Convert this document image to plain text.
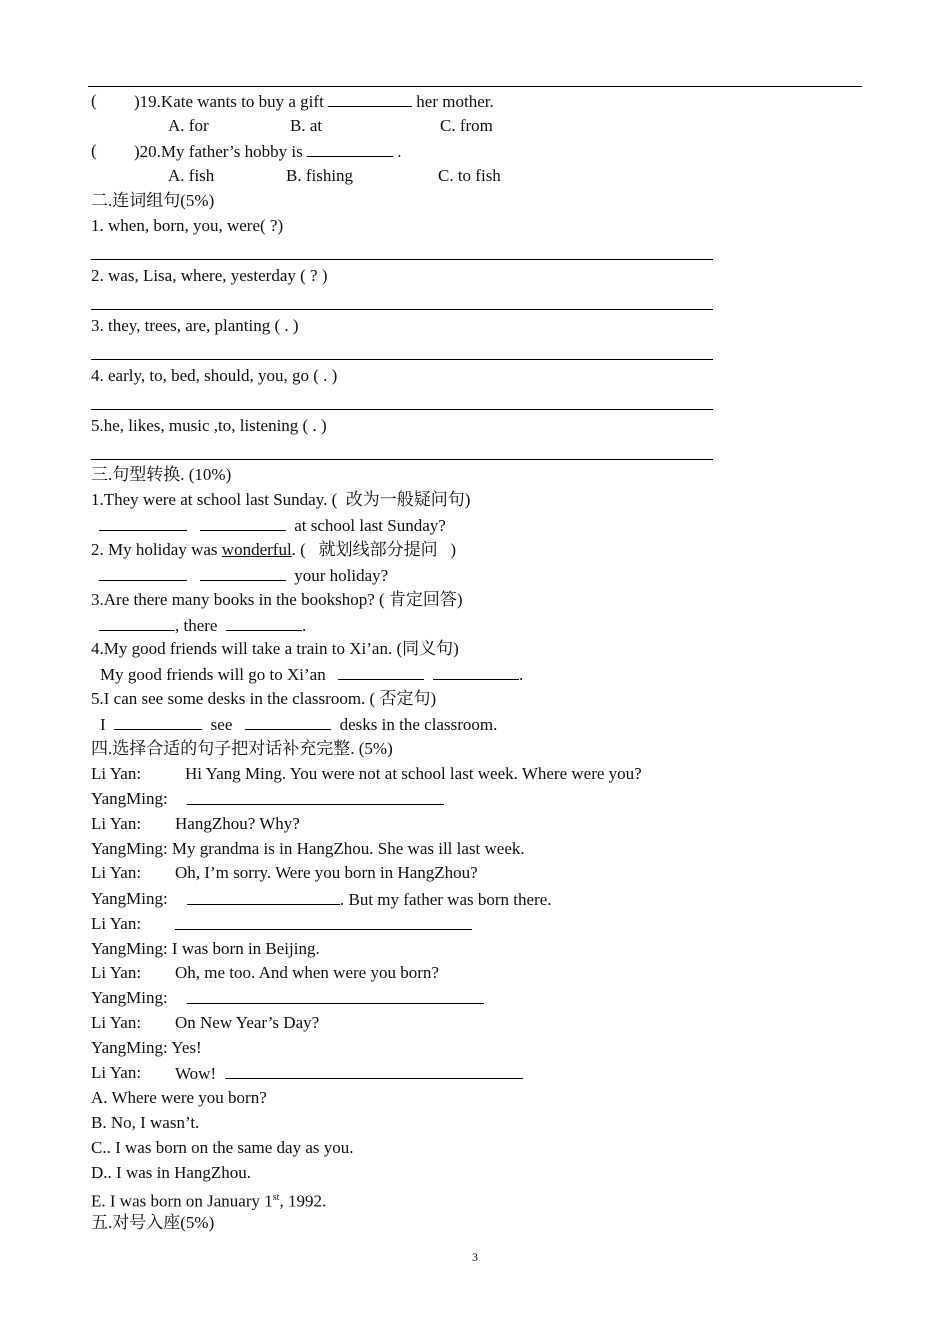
( )19.Kate wants to buy a gift	her mother.
A. for	B. at	C. from
( )20.My father’s hobby is	.
A. fish	B. fishing	C. to fish
二.连词组句(5%)
1. when, born, you, were( ?)
2. was, Lisa, where, yesterday ( ? )
3. they, trees, are, planting ( . )
4. early, to, bed, should, you, go ( . )
5.he, likes, music ,to, listening ( . )
三.句型转换. (10%)
1.They were at school last Sunday. (  改为一般疑问句)
at school last Sunday?
2. My holiday was wonderful. (   就划线部分提问   )
your holiday?
3.Are there many books in the bookshop? ( 肯定回答)
, there	.
4.My good friends will take a train to Xi’an. (同义句)
My good friends will go to Xi’an	.
5.I can see some desks in the classroom. ( 否定句)
I	see	desks in the classroom.
四.选择合适的句子把对话补充完整. (5%)
Li Yan:	Hi Yang Ming. You were not at school last week. Where were you?
YangMing:
Li Yan: HangZhou? Why?
YangMing: My grandma is in HangZhou. She was ill last week.
Li Yan: Oh, I’m sorry. Were you born in HangZhou?
YangMing:	. But my father was born there.
Li Yan:
YangMing: I was born in Beijing.
Li Yan: Oh, me too. And when were you born?
YangMing:
Li Yan: On New Year’s Day?
YangMing: Yes!
Li Yan: Wow!
A. Where were you born?
B. No, I wasn’t.
C.. I was born on the same day as you.
D.. I was in HangZhou.
E. I was born on January 1st, 1992.
五.对号入座(5%)
3
